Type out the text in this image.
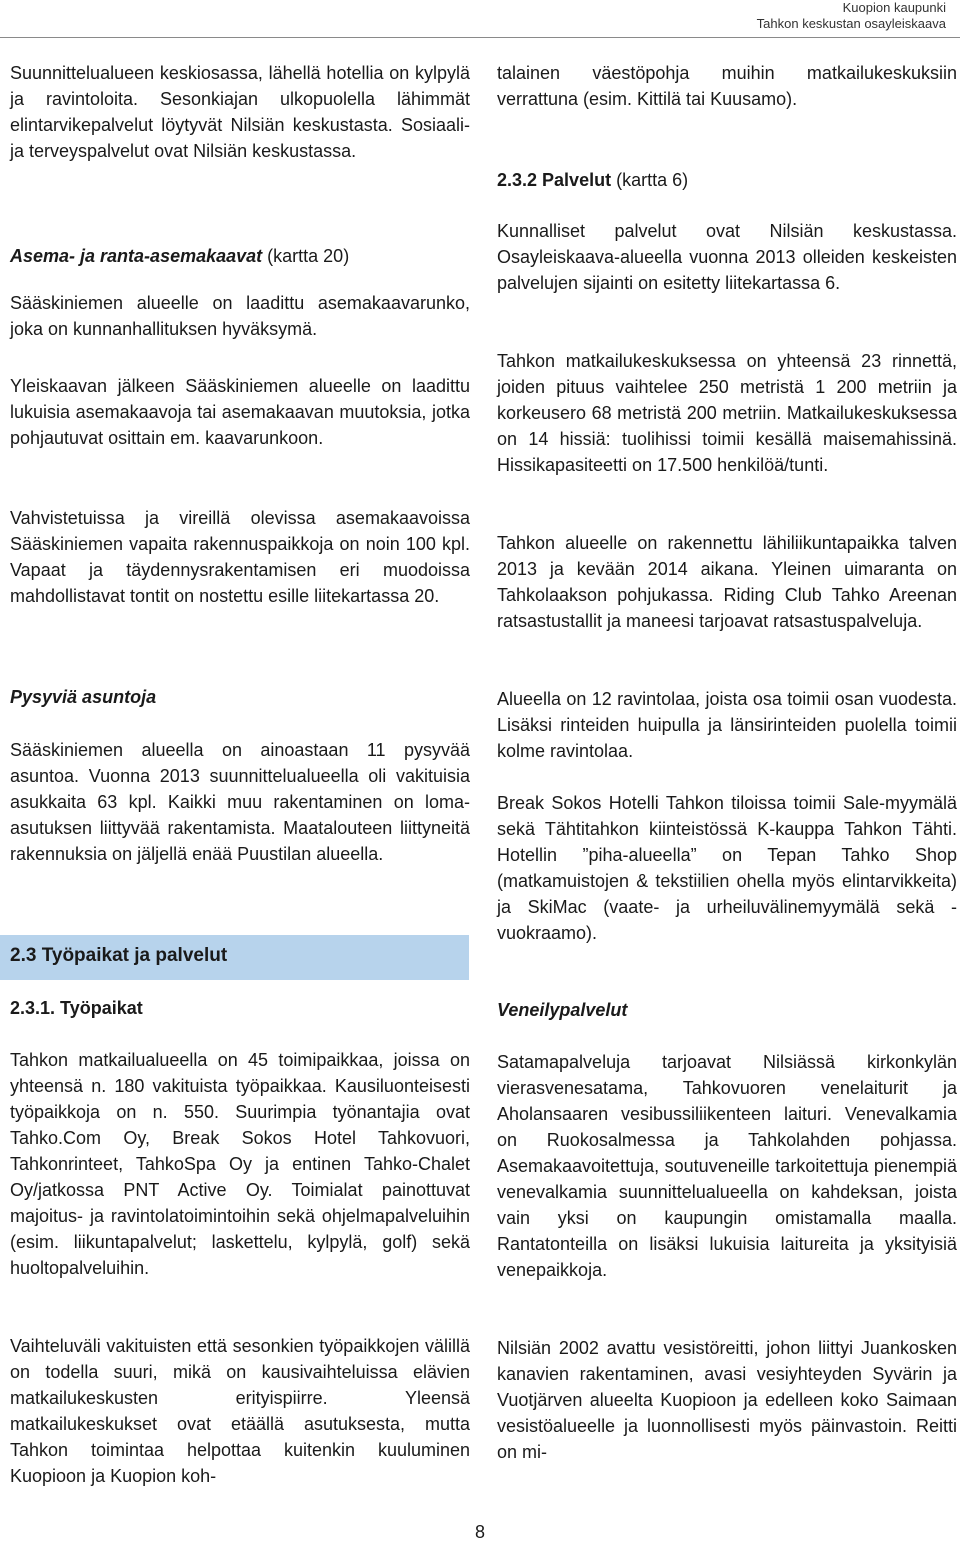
Kuopion kaupunki
Tahkon keskustan osayleiskaava

Suunnittelualueen keskiosassa, lähellä hotellia on kylpylä ja ravintoloita. Sesonkiajan ulkopuolella lähimmät elintarvikepalvelut löytyvät Nilsiän keskustasta. Sosiaali- ja terveyspalvelut ovat Nilsiän keskustassa.

Asema- ja ranta-asemakaavat (kartta 20)

Sääskiniemen alueelle on laadittu asemakaavarunko, joka on kunnanhallituksen hyväksymä.

Yleiskaavan jälkeen Sääskiniemen alueelle on laadittu lukuisia asemakaavoja tai asemakaavan muutoksia, jotka pohjautuvat osittain em. kaavarunkoon.

Vahvistetuissa ja vireillä olevissa asemakaavoissa Sääskiniemen vapaita rakennuspaikkoja on noin 100 kpl. Vapaat ja täydennysrakentamisen eri muodoissa mahdollistavat tontit on nostettu esille liitekartassa 20.

Pysyviä asuntoja

Sääskiniemen alueella on ainoastaan 11 pysyvää asuntoa. Vuonna 2013 suunnittelualueella oli vakituisia asukkaita 63 kpl. Kaikki muu rakentaminen on loma-asutuksen liittyvää rakentamista. Maatalouteen liittyneitä rakennuksia on jäljellä enää Puustilan alueella.

2.3 Työpaikat ja palvelut

2.3.1. Työpaikat

Tahkon matkailualueella on 45 toimipaikkaa, joissa on yhteensä n. 180 vakituista työpaikkaa. Kausiluonteisesti työpaikkoja on n. 550. Suurimpia työnantajia ovat Tahko.Com Oy, Break Sokos Hotel Tahkovuori, Tahkonrinteet, TahkoSpa Oy ja entinen Tahko-Chalet Oy/jatkossa PNT Active Oy. Toimialat painottuvat majoitus- ja ravintolatoimintoihin sekä ohjelmapalveluihin (esim. liikuntapalvelut; laskettelu, kylpylä, golf) sekä huoltopalveluihin.

Vaihteluväli vakituisten että sesonkien työpaikkojen välillä on todella suuri, mikä on kausivaihteluissa elävien matkailukeskusten erityispiirre. Yleensä matkailukeskukset ovat etäällä asutuksesta, mutta Tahkon toimintaa helpottaa kuitenkin kuuluminen Kuopioon ja Kuopion koh-

talainen väestöpohja muihin matkailukeskuksiin verrattuna (esim. Kittilä tai Kuusamo).

2.3.2 Palvelut (kartta 6)

Kunnalliset palvelut ovat Nilsiän keskustassa. Osayleiskaava-alueella vuonna 2013 olleiden keskeisten palvelujen sijainti on esitetty liitekartassa 6.

Tahkon matkailukeskuksessa on yhteensä 23 rinnettä, joiden pituus vaihtelee 250 metristä 1 200 metriin ja korkeusero 68 metristä 200 metriin. Matkailukeskuksessa on 14 hissiä: tuolihissi toimii kesällä maisemahissinä. Hissikapasiteetti on 17.500 henkilöä/tunti.

Tahkon alueelle on rakennettu lähiliikuntapaikka talven 2013 ja kevään 2014 aikana. Yleinen uimaranta on Tahkolaakson pohjukassa. Riding Club Tahko Areenan ratsastustallit ja maneesi tarjoavat ratsastuspalveluja.

Alueella on 12 ravintolaa, joista osa toimii osan vuodesta. Lisäksi rinteiden huipulla ja länsirinteiden puolella toimii kolme ravintolaa.

Break Sokos Hotelli Tahkon tiloissa toimii Sale-myymälä sekä Tähtitahkon kiinteistössä K-kauppa Tahkon Tähti. Hotellin ”piha-alueella” on Tepan Tahko Shop (matkamuistojen & tekstiilien ohella myös elintarvikkeita) ja SkiMac (vaate- ja urheiluvälinemyymälä sekä -vuokraamo).

Veneilypalvelut

Satamapalveluja tarjoavat Nilsiässä kirkonkylän vierasvenesatama, Tahkovuoren venelaiturit ja Aholansaaren vesibussiliikenteen laituri. Venevalkamia on Ruokosalmessa ja Tahkolahden pohjassa. Asemakaavoitettuja, soutuveneille tarkoitettuja pienempiä venevalkamia suunnittelualueella on kahdeksan, joista vain yksi on kaupungin omistamalla maalla. Rantatonteilla on lisäksi lukuisia laitureita ja yksityisiä venepaikkoja.

Nilsiän 2002 avattu vesistöreitti, johon liittyi Juankosken kanavien rakentaminen, avasi vesiyhteyden Syvärin ja Vuotjärven alueelta Kuopioon ja edelleen koko Saimaan vesistöalueelle ja luonnollisesti myös päinvastoin. Reitti on mi-

8
